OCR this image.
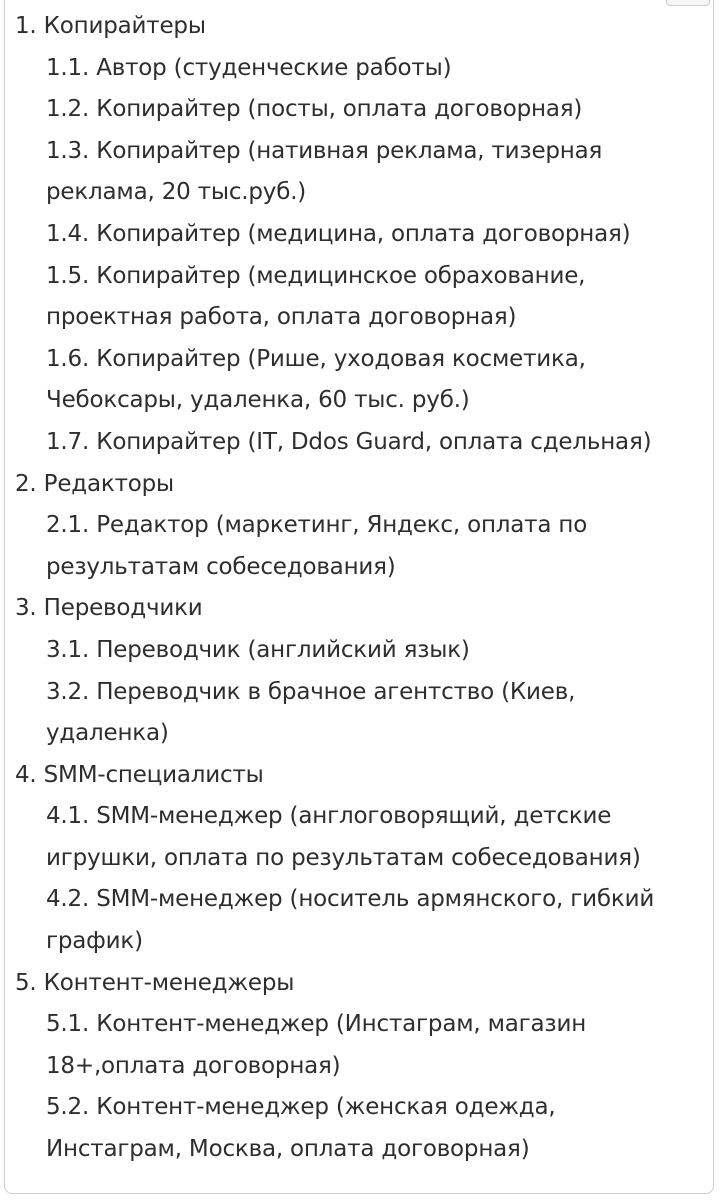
1. Копирайтеры
1.1. Автор (студенческие работы)
1.2. Копирайтер (посты, оплата договорная)
1.3. Копирайтер (нативная реклама, тизерная
реклама, 20 тыс.руб.)
1.4. Копирайтер (медицина, оплата договорная)
1.5. Копирайтер (медицинское обрахование,
проектная работа, оплата договорная)
1.6. Копирайтер (Рише, уходовая косметика,
Чебоксары, удаленка, 60 тыс. руб.)
1.7. Копирайтер (IT, Ddos Guard, оплата сдельная)
2. Редакторы
2.1. Редактор (маркетинг, Яндекс, оплата по
результатам собеседования)
3. Переводчики
3.1. Переводчик (английский язык)
3.2. Переводчик в брачное агентство (Киев,
удаленка)
4. SMM-специалисты
4.1. SMM-менеджер (англоговорящий, детские
игрушки, оплата по результатам собеседования)
4.2. SMM-менеджер (носитель армянского, гибкий
график)
5. Контент-менеджеры
5.1. Контент-менеджер (Инстаграм, магазин
18+,оплата договорная)
5.2. Контент-менеджер (женская одежда,
Инстаграм, Москва, оплата договорная)
